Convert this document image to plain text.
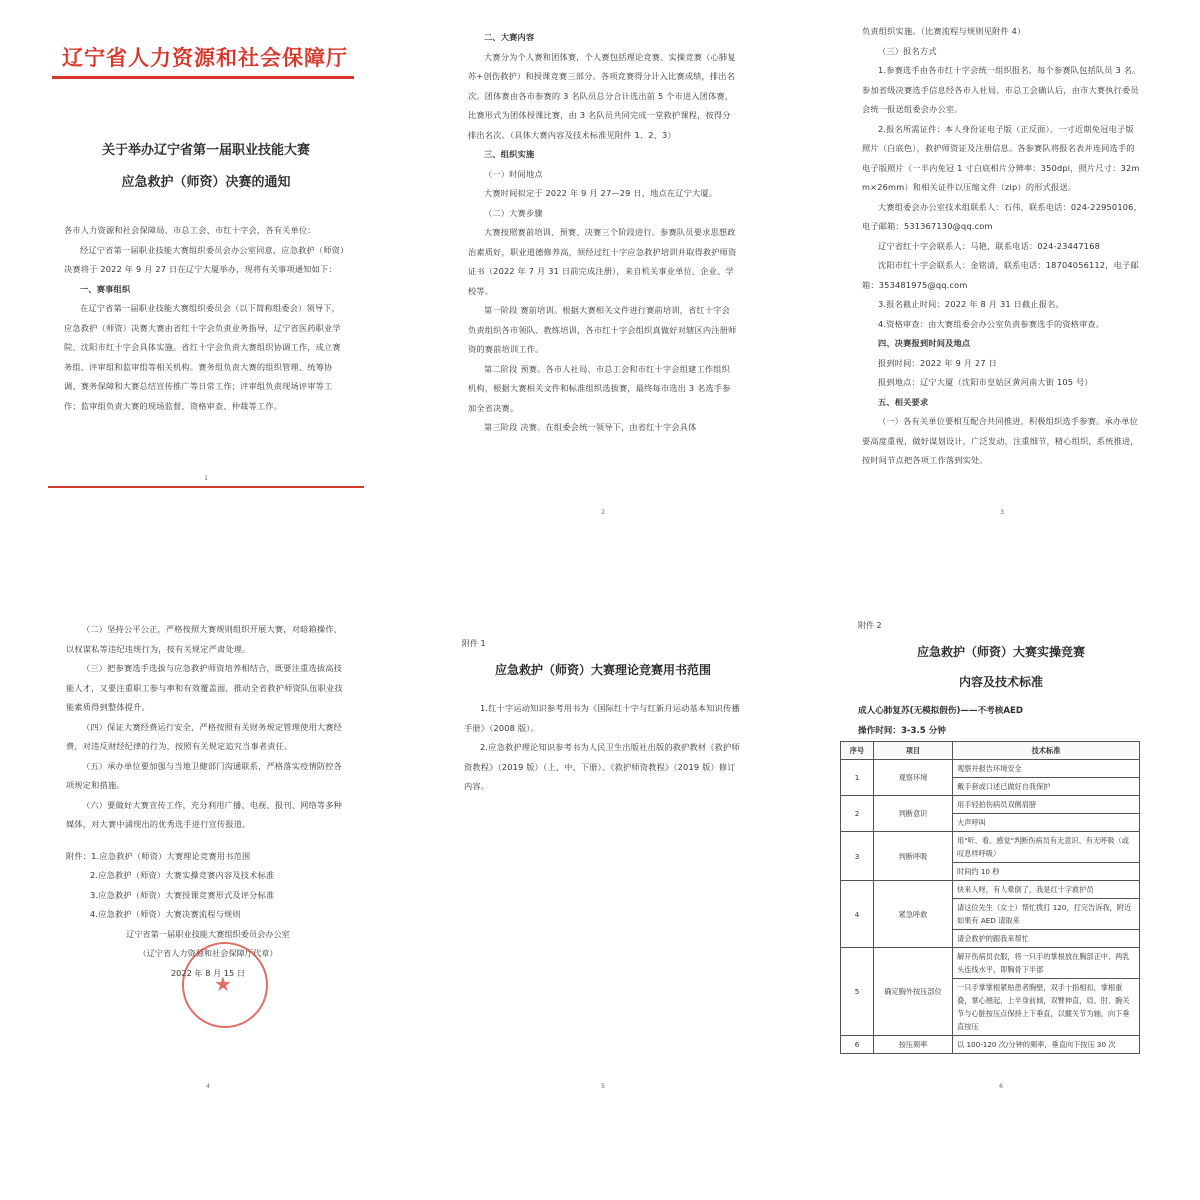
辽宁省人力资源和社会保障厅
关于举办辽宁省第一届职业技能大赛
应急救护（师资）决赛的通知
各市人力资源和社会保障局、市总工会、市红十字会，各有关单位：
经辽宁省第一届职业技能大赛组织委员会办公室同意，应急救护（师资）决赛将于 2022 年 9 月 27 日在辽宁大厦举办，现将有关事项通知如下：
一、赛事组织
在辽宁省第一届职业技能大赛组织委员会（以下简称组委会）领导下，应急救护（师资）决赛大赛由省红十字会负责业务指导，辽宁省医药职业学院、沈阳市红十字会具体实施。省红十字会负责大赛组织协调工作，成立赛务组、评审组和监审组等相关机构。赛务组负责大赛的组织管理、统筹协调、赛务保障和大赛总结宣传推广等日常工作；评审组负责现场评审等工作；监审组负责大赛的现场监督、资格审查、仲裁等工作。
1
二、大赛内容
大赛分为个人赛和团体赛，个人赛包括理论竞赛、实操竞赛（心肺复苏+创伤救护）和授课竞赛三部分。各项竞赛得分计入比赛成绩，排出名次。团体赛由各市参赛的 3 名队员总分合计选出前 5 个市进入团体赛，比赛形式为团体授课比赛，由 3 名队员共同完成一堂救护课程，按得分排出名次。（具体大赛内容及技术标准见附件 1、2、3）
三、组织实施
（一）时间地点
大赛时间拟定于 2022 年 9 月 27—29 日，地点在辽宁大厦。
（二）大赛步骤
大赛按照赛前培训、预赛、决赛三个阶段进行。参赛队员要求思想政治素质好，职业道德修养高，须经过红十字应急救护培训并取得救护师资证书（2022 年 7 月 31 日前完成注册），来自机关事业单位、企业、学校等。
第一阶段 赛前培训。根据大赛相关文件进行赛前培训，省红十字会负责组织各市领队、教练培训，各市红十字会组织真做好对辖区内注册师资的赛前培训工作。
第二阶段 预赛。各市人社局、市总工会和市红十字会组建工作组织机构，根据大赛相关文件和标准组织选拔赛，最终每市选出 3 名选手参加全省决赛。
第三阶段 决赛。在组委会统一领导下，由省红十字会具体
2
负责组织实施。（比赛流程与规则见附件 4）
（三）报名方式
1.参赛选手由各市红十字会统一组织报名，每个参赛队包括队员 3 名。参加省级决赛选手信息经各市人社局、市总工会确认后，由市大赛执行委员会统一报送组委会办公室。
2.报名所需证件：本人身份证电子版（正反面）、一寸近期免冠电子版照片（白底色），救护师资证及注册信息。各参赛队将报名表并连同选手的电子版照片（一半内免冠 1 寸白底相片分辨率：350dpi，照片尺寸：32mm×26mm）和相关证件以压缩文件（zip）的形式报送。
大赛组委会办公室技术组联系人：石伟，联系电话：024-22950106，电子邮箱：531367130@qq.com
辽宁省红十字会联系人：马艳，联系电话：024-23447168
沈阳市红十字会联系人：金铭清，联系电话：18704056112，电子邮箱：353481975@qq.com
3.报名截止时间：2022 年 8 月 31 日截止报名。
4.资格审查：由大赛组委会办公室负责参赛选手的资格审查。
四、决赛报到时间及地点
报到时间：2022 年 9 月 27 日
报到地点：辽宁大厦（沈阳市皇姑区黄河南大街 105 号）
五、相关要求
（一）各有关单位要相互配合共同推进，积极组织选手参赛。承办单位要高度重视，做好谋划设计，广泛发动，注重细节，精心组织，系统推进，按时间节点把各项工作落到实处。
3
（二）坚持公平公正，严格按照大赛规则组织开展大赛，对暗箱操作、以权谋私等违纪违规行为，按有关规定严肃处理。
（三）把参赛选手选拔与应急救护师资培养相结合，既要注重选拔高技能人才，又要注重职工参与率和有效覆盖面，推动全省救护师资队伍职业技能素质得到整体提升。
（四）保证大赛经费运行安全，严格按照有关财务规定管理使用大赛经费，对违反财经纪律的行为，按照有关规定追究当事者责任。
（五）承办单位要加强与当地卫健部门沟通联系，严格落实疫情防控各项规定和措施。
（六）要做好大赛宣传工作，充分利用广播、电视、报刊、网络等多种媒体，对大赛中涌现出的优秀选手进行宣传报道。
附件：1.应急救护（师资）大赛理论竞赛用书范围
2.应急救护（师资）大赛实操竞赛内容及技术标准
3.应急救护（师资）大赛授课竞赛形式及评分标准
4.应急救护（师资）大赛决赛流程与规则
辽宁省第一届职业技能大赛组织委员会办公室
（辽宁省人力资源和社会保障厅代章）
2022 年 8 月 15 日
★
4
附件 1
应急救护（师资）大赛理论竞赛用书范围
1.红十字运动知识参考用书为《国际红十字与红新月运动基本知识传播手册》（2008 版）。
2.应急救护理论知识参考书为人民卫生出版社出版的救护教材《救护师资教程》（2019 版）（上、中、下册）、《救护师资教程》（2019 版）修订内容。
5
附件 2
应急救护（师资）大赛实操竞赛
内容及技术标准
成人心肺复苏(无模拟假伤)——不考核AED
操作时间：3-3.5 分钟
序号	项目	技术标准
1	观察环境	观察并报告环境安全
		戴手套或口述已做好自我保护
2	判断意识	用手轻拍伤病员双侧肩膀
		大声呼叫
3	判断呼吸	用"听、看、感觉"判断伤病员有无意识、有无呼吸（或叹息样呼吸）
		时间约 10 秒
4	紧急呼救	快来人呀，有人晕倒了，我是红十字救护员
		请这位先生（女士）帮忙拨打 120，打完告诉我，附近如果有 AED 请取来
		请会救护的跟我来帮忙
5	确定胸外按压部位	解开伤病员衣服，将一只手的掌根放在胸部正中、两乳头连线水平，即胸骨下半部
		一只手掌掌根紧贴患者胸壁，双手十指相扣，掌根重叠，掌心翘起，上半身前倾，双臂伸直，肩、肘、腕关节与心脏按压点保持上下垂直，以髋关节为轴，向下垂直按压
6	按压频率	以 100-120 次/分钟的频率，垂直向下按压 30 次
6
